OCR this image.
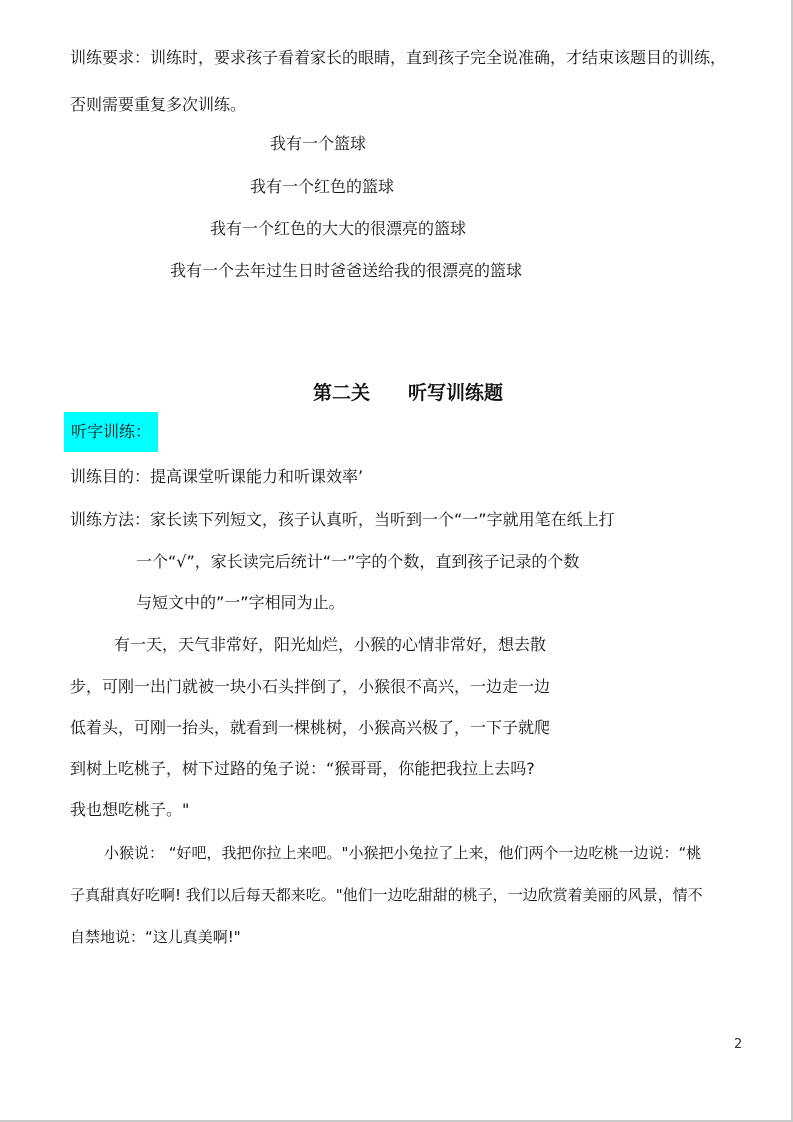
训练要求：训练时，要求孩子看着家长的眼睛，直到孩子完全说准确，才结束该题目的训练，
否则需要重复多次训练。
我有一个篮球
我有一个红色的篮球
我有一个红色的大大的很漂亮的篮球
我有一个去年过生日时爸爸送给我的很漂亮的篮球
第二关　　听写训练题
听字训练：
训练目的：提高课堂听课能力和听课效率’
训练方法：家长读下列短文，孩子认真听，当听到一个“一”字就用笔在纸上打
一个“√”，家长读完后统计“一”字的个数，直到孩子记录的个数
与短文中的”一”字相同为止。
有一天，天气非常好，阳光灿烂，小猴的心情非常好，想去散
步，可刚一出门就被一块小石头拌倒了，小猴很不高兴，一边走一边
低着头，可刚一抬头，就看到一棵桃树，小猴高兴极了，一下子就爬
到树上吃桃子，树下过路的兔子说：“猴哥哥，你能把我拉上去吗?
我也想吃桃子。"
小猴说： “好吧，我把你拉上来吧。"小猴把小兔拉了上来，他们两个一边吃桃一边说：“桃
子真甜真好吃啊! 我们以后每天都来吃。"他们一边吃甜甜的桃子，一边欣赏着美丽的风景，情不
自禁地说：“这儿真美啊!"
2
